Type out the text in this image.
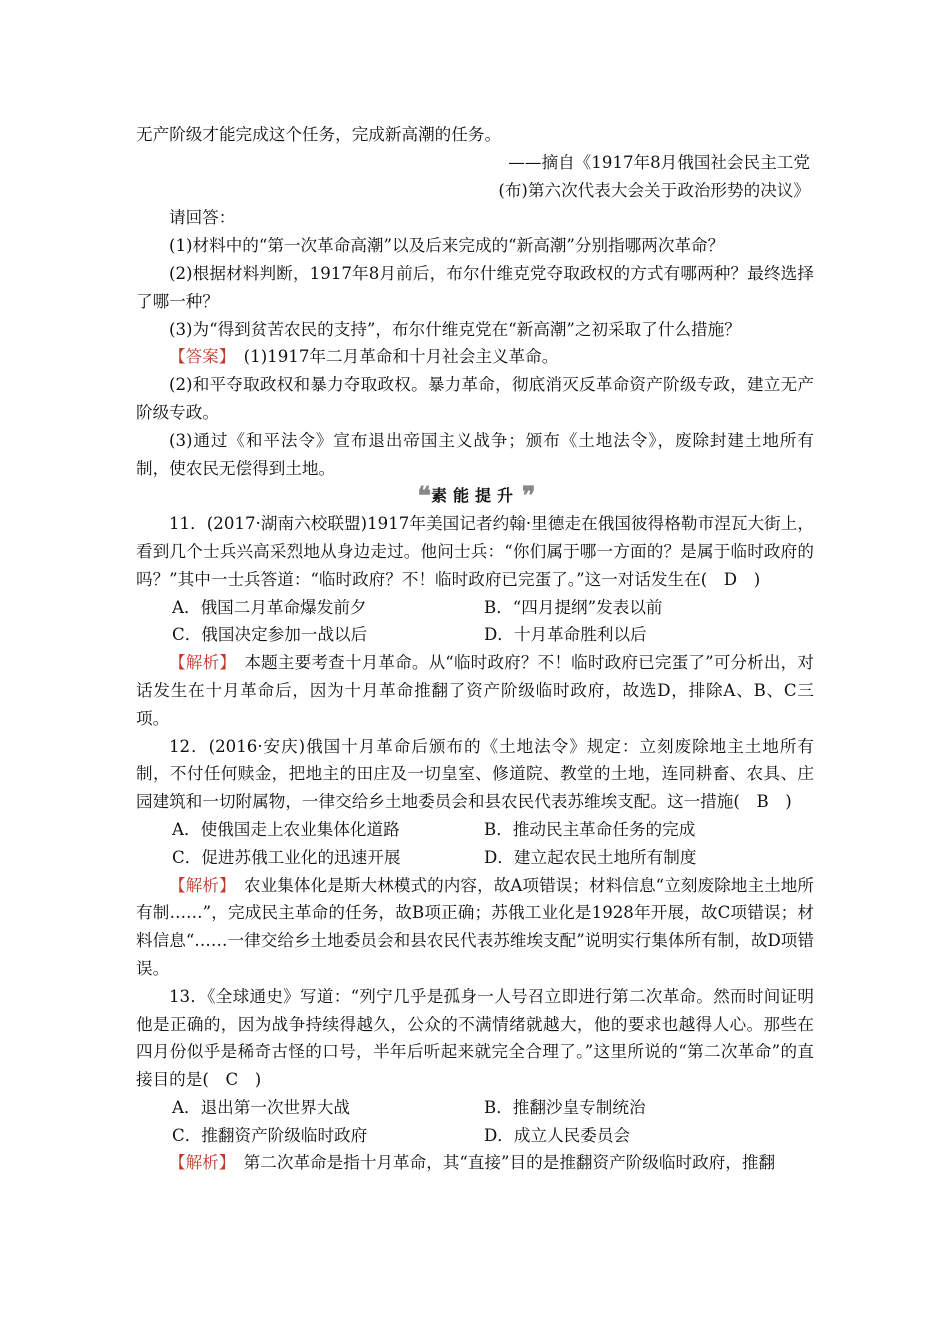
无产阶级才能完成这个任务，完成新高潮的任务。

——摘自《1917年8月俄国社会民主工党

(布)第六次代表大会关于政治形势的决议》

请回答：

(1)材料中的“第一次革命高潮”以及后来完成的“新高潮”分别指哪两次革命？

(2)根据材料判断，1917年8月前后，布尔什维克党夺取政权的方式有哪两种？最终选择了哪一种？

(3)为“得到贫苦农民的支持”，布尔什维克党在“新高潮”之初采取了什么措施？

【答案】　 (1)1917年二月革命和十月社会主义革命。

(2)和平夺取政权和暴力夺取政权。暴力革命，彻底消灭反革命资产阶级专政，建立无产阶级专政。

(3)通过《和平法令》宣布退出帝国主义战争；颁布《土地法令》，废除封建土地所有制，使农民无偿得到土地。

❝ 素能提升 ❞

11．(2017·湖南六校联盟)1917年美国记者约翰·里德走在俄国彼得格勒市涅瓦大街上，看到几个士兵兴高采烈地从身边走过。他问士兵：“你们属于哪一方面的？是属于临时政府的吗？”其中一士兵答道：“临时政府？不！临时政府已完蛋了。”这一对话发生在(　D　)

A．俄国二月革命爆发前夕	B．“四月提纲”发表以前
C．俄国决定参加一战以后	D．十月革命胜利以后

【解析】　本题主要考查十月革命。从“临时政府？不！临时政府已完蛋了”可分析出，对话发生在十月革命后，因为十月革命推翻了资产阶级临时政府，故选D，排除A、B、C三项。

12．(2016·安庆)俄国十月革命后颁布的《土地法令》规定：立刻废除地主土地所有制，不付任何赎金，把地主的田庄及一切皇室、修道院、教堂的土地，连同耕畜、农具、庄园建筑和一切附属物，一律交给乡土地委员会和县农民代表苏维埃支配。这一措施(　B　)

A．使俄国走上农业集体化道路	B．推动民主革命任务的完成
C．促进苏俄工业化的迅速开展	D．建立起农民土地所有制度

【解析】　农业集体化是斯大林模式的内容，故A项错误；材料信息“立刻废除地主土地所有制……”，完成民主革命的任务，故B项正确；苏俄工业化是1928年开展，故C项错误；材料信息“……一律交给乡土地委员会和县农民代表苏维埃支配”说明实行集体所有制，故D项错误。

13．《全球通史》写道：“列宁几乎是孤身一人号召立即进行第二次革命。然而时间证明他是正确的，因为战争持续得越久，公众的不满情绪就越大，他的要求也越得人心。那些在四月份似乎是稀奇古怪的口号，半年后听起来就完全合理了。”这里所说的“第二次革命”的直接目的是(　C　)

A．退出第一次世界大战	B．推翻沙皇专制统治
C．推翻资产阶级临时政府	D．成立人民委员会

【解析】　第二次革命是指十月革命，其“直接”目的是推翻资产阶级临时政府，推翻
